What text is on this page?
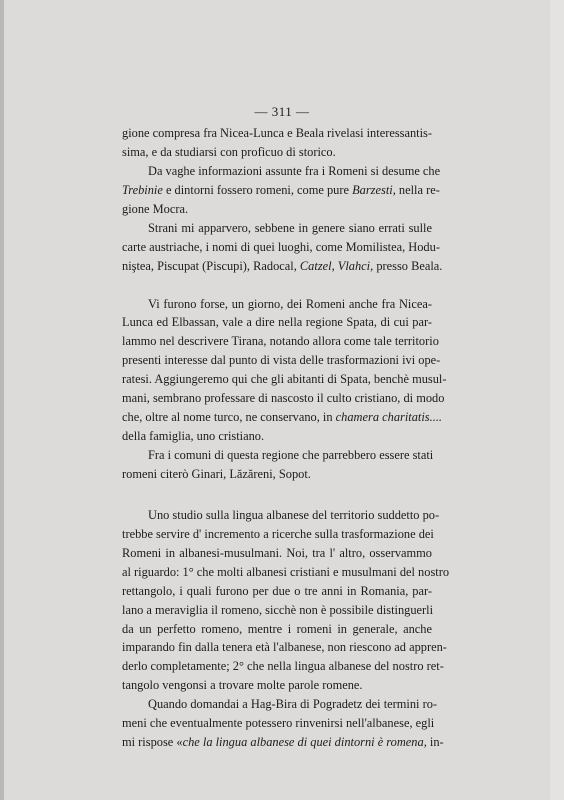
— 311 —
gione compresa fra Nicea-Lunca e Beala rivelasi interessantis-
sima, e da studiarsi con profìcuo di storico.
Da vaghe informazioni assunte fra i Romeni si desume che
Trebinie e dintorni fossero romeni, come pure Barzesti, nella re-
gione Mocra.
Strani mi apparvero, sebbene in genere siano errati sulle
carte austriache, i nomi di quei luoghi, come Momilistea, Hodu-
niştea, Piscupat (Piscupi), Radocal, Catzel, Vlahci, presso Beala.
Vi furono forse, un giorno, dei Romeni anche fra Nicea-
Lunca ed Elbassan, vale a dire nella regione Spata, di cui par-
lammo nel descrivere Tirana, notando allora come tale territorio
presenti interesse dal punto di vista delle trasformazioni ivi ope-
ratesi. Aggiungeremo qui che gli abitanti di Spata, benchè musul-
mani, sembrano professare di nascosto il culto cristiano, di modo
che, oltre al nome turco, ne conservano, in chamera charitatis....
della famiglia, uno cristiano.
Fra i comuni di questa regione che parrebbero essere stati
romeni citerò Ginari, Lăzăreni, Sopot.
Uno studio sulla lingua albanese del territorio suddetto po-
trebbe servire d' incremento a ricerche sulla trasformazione dei
Romeni in albanesi-musulmani. Noi, tra l' altro, osservammo
al riguardo: 1° che molti albanesi cristiani e musulmani del nostro
rettangolo, i quali furono per due o tre anni in Romania, par-
lano a meraviglia il romeno, sicchè non è possibile distinguerli
da un perfetto romeno, mentre i romeni in generale, anche
imparando fin dalla tenera età l'albanese, non riescono ad appren-
derlo completamente; 2° che nella lingua albanese del nostro ret-
tangolo vengonsi a trovare molte parole romene.
Quando domandai a Hag-Bira di Pogradetz dei termini ro-
meni che eventualmente potessero rinvenirsi nell'albanese, egli
mi rispose «che la lingua albanese di quei dintorni è romena, in-
